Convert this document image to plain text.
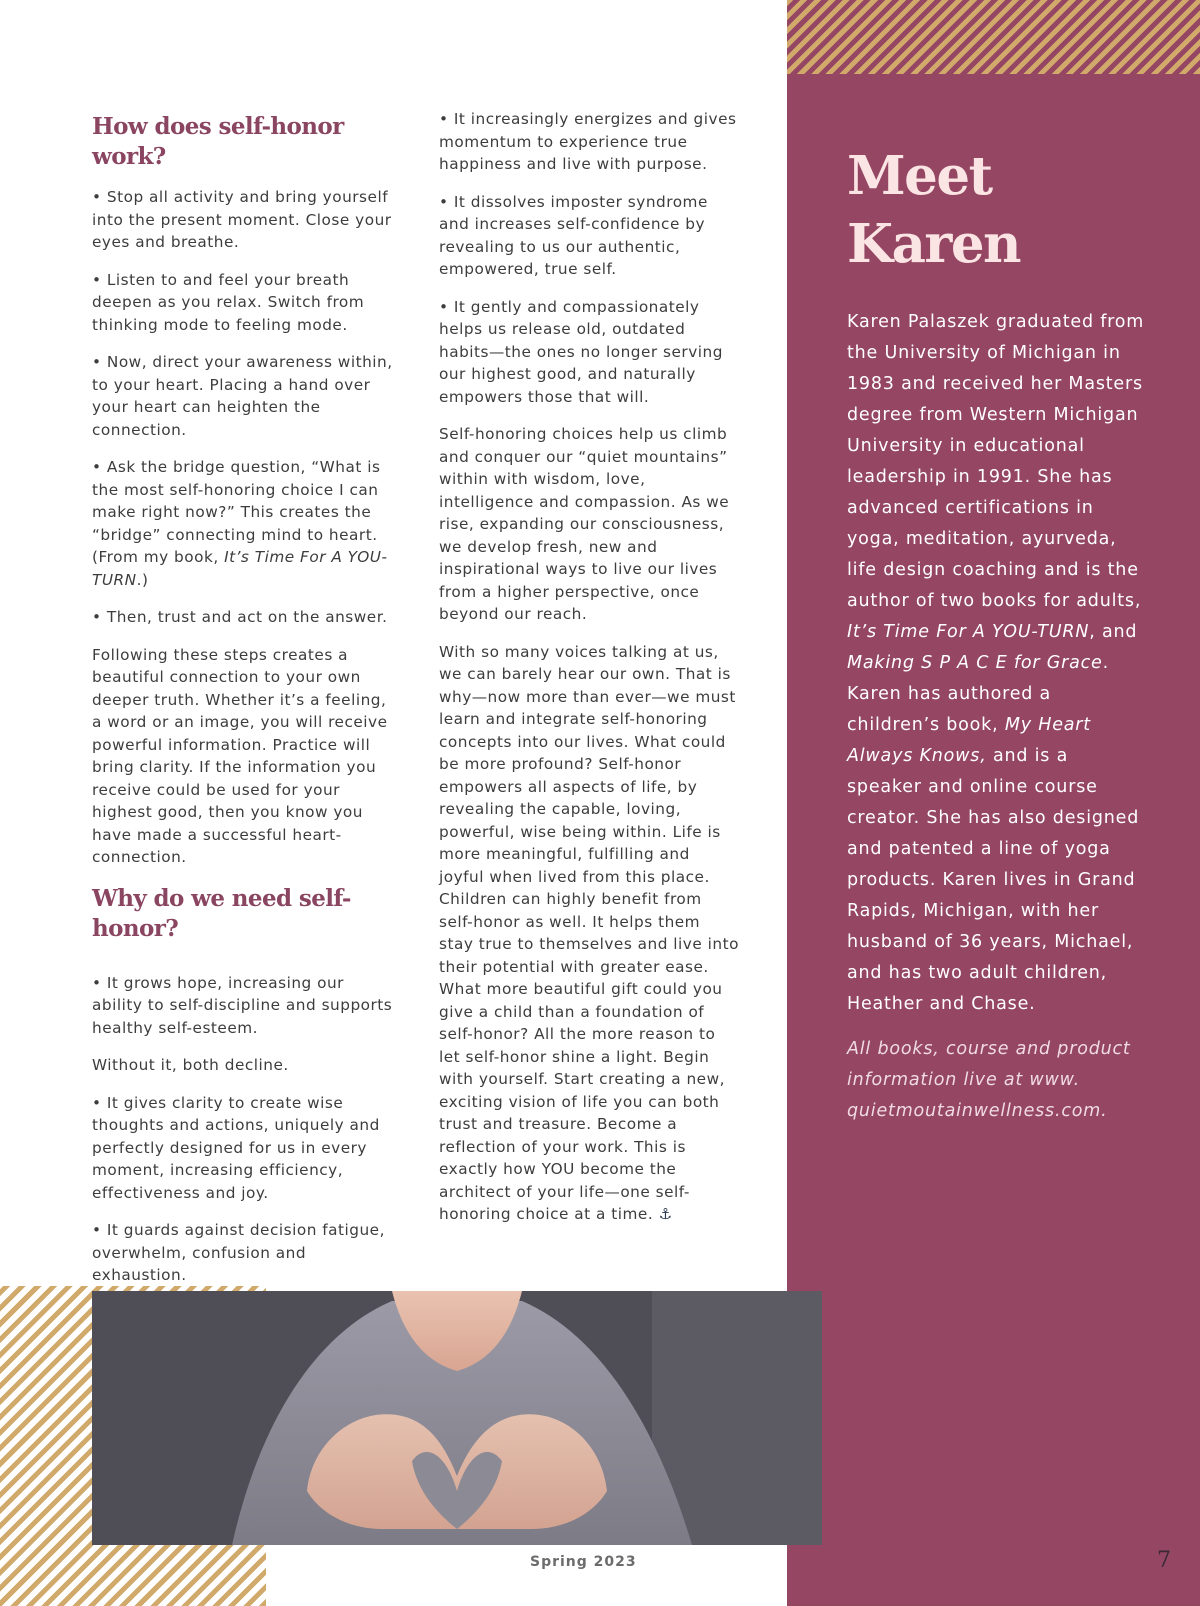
How does self-honor work?

• Stop all activity and bring yourself into the present moment. Close your eyes and breathe.

• Listen to and feel your breath deepen as you relax. Switch from thinking mode to feeling mode.

• Now, direct your awareness within, to your heart. Placing a hand over your heart can heighten the connection.

• Ask the bridge question, “What is the most self-honoring choice I can make right now?” This creates the “bridge” connecting mind to heart. (From my book, It’s Time For A YOU-TURN.)

• Then, trust and act on the answer.

Following these steps creates a beautiful connection to your own deeper truth. Whether it’s a feeling, a word or an image, you will receive powerful information. Practice will bring clarity. If the information you receive could be used for your highest good, then you know you have made a successful heart-connection.

Why do we need self-honor?

• It grows hope, increasing our ability to self-discipline and supports healthy self-esteem.

Without it, both decline.

• It gives clarity to create wise thoughts and actions, uniquely and perfectly designed for us in every moment, increasing efficiency, effectiveness and joy.

• It guards against decision fatigue, overwhelm, confusion and exhaustion.

• It increasingly energizes and gives momentum to experience true happiness and live with purpose.

• It dissolves imposter syndrome and increases self-confidence by revealing to us our authentic, empowered, true self.

• It gently and compassionately helps us release old, outdated habits—the ones no longer serving our highest good, and naturally empowers those that will.

Self-honoring choices help us climb and conquer our “quiet mountains” within with wisdom, love, intelligence and compassion. As we rise, expanding our consciousness, we develop fresh, new and inspirational ways to live our lives from a higher perspective, once beyond our reach.

With so many voices talking at us, we can barely hear our own. That is why—now more than ever—we must learn and integrate self-honoring concepts into our lives. What could be more profound? Self-honor empowers all aspects of life, by revealing the capable, loving, powerful, wise being within. Life is more meaningful, fulfilling and joyful when lived from this place. Children can highly benefit from self-honor as well. It helps them stay true to themselves and live into their potential with greater ease. What more beautiful gift could you give a child than a foundation of self-honor? All the more reason to let self-honor shine a light. Begin with yourself. Start creating a new, exciting vision of life you can both trust and treasure. Become a reflection of your work. This is exactly how YOU become the architect of your life—one self-honoring choice at a time. ⚓

Meet
Karen

Karen Palaszek graduated from the University of Michigan in 1983 and received her Masters degree from Western Michigan University in educational leadership in 1991. She has advanced certifications in yoga, meditation, ayurveda, life design coaching and is the author of two books for adults, It’s Time For A YOU-TURN, and Making S P A C E for Grace. Karen has authored a children’s book, My Heart Always Knows, and is a speaker and online course creator. She has also designed and patented a line of yoga products. Karen lives in Grand Rapids, Michigan, with her husband of 36 years, Michael, and has two adult children, Heather and Chase.

All books, course and product information live at www. quietmoutainwellness.com.

Spring 2023	7
